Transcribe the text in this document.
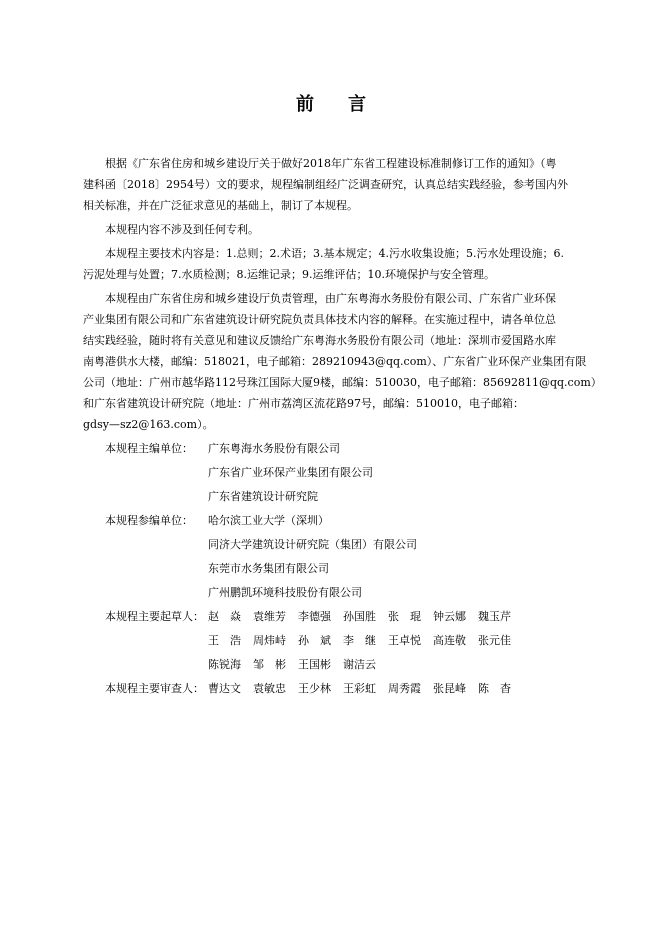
前 言
根据《广东省住房和城乡建设厅关于做好2018年广东省工程建设标准制修订工作的通知》（粤
建科函〔2018〕2954号）文的要求，规程编制组经广泛调查研究，认真总结实践经验，参考国内外
相关标准，并在广泛征求意见的基础上，制订了本规程。
本规程内容不涉及到任何专利。
本规程主要技术内容是：1.总则；2.术语；3.基本规定；4.污水收集设施；5.污水处理设施；6.
污泥处理与处置；7.水质检测；8.运维记录；9.运维评估；10.环境保护与安全管理。
本规程由广东省住房和城乡建设厅负责管理，由广东粤海水务股份有限公司、广东省广业环保
产业集团有限公司和广东省建筑设计研究院负责具体技术内容的解释。在实施过程中，请各单位总
结实践经验，随时将有关意见和建议反馈给广东粤海水务股份有限公司（地址：深圳市爱国路水库
南粤港供水大楼，邮编：518021，电子邮箱：289210943@qq.com）、广东省广业环保产业集团有限
公司（地址：广州市越华路112号珠江国际大厦9楼，邮编：510030，电子邮箱：85692811@qq.com）
和广东省建筑设计研究院（地址：广州市荔湾区流花路97号，邮编：510010，电子邮箱：
gdsy—sz2@163.com）。
本规程主编单位：	广东粤海水务股份有限公司
广东省广业环保产业集团有限公司
广东省建筑设计研究院
本规程参编单位：	哈尔滨工业大学（深圳）
同济大学建筑设计研究院（集团）有限公司
东莞市水务集团有限公司
广州鹏凯环境科技股份有限公司
本规程主要起草人： 赵　焱 袁维芳 李德强 孙国胜 张　琨 钟云娜 魏玉芹
王　浩 周炜峙 孙　斌 李　继 王卓悦 高连敬 张元佳
陈锐海 邹　彬 王国彬 谢洁云
本规程主要审查人： 曹达文 袁敏忠 王少林 王彩虹 周秀霞 张昆峰 陈　杳
